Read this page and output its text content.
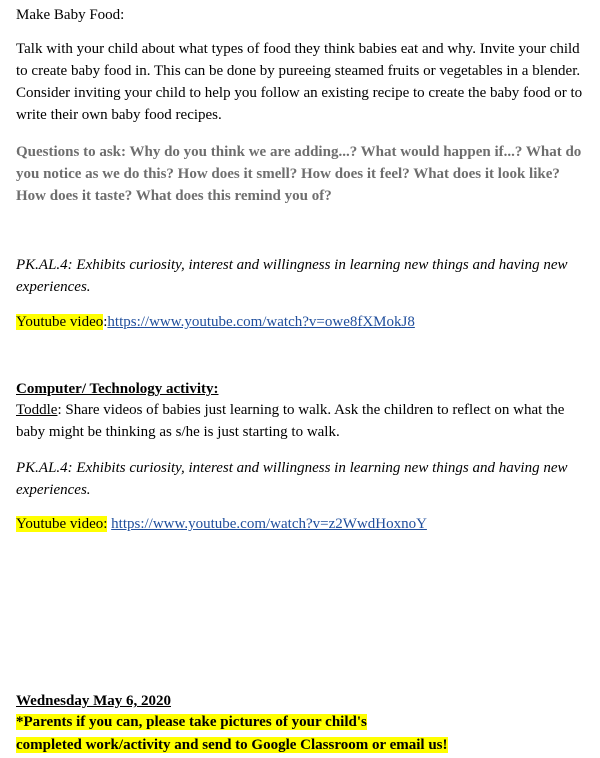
Make Baby Food:

Talk with your child about what types of food they think babies eat and why. Invite your child to create baby food in. This can be done by pureeing steamed fruits or vegetables in a blender. Consider inviting your child to help you follow an existing recipe to create the baby food or to write their own baby food recipes.

Questions to ask: Why do you think we are adding...? What would happen if...? What do you notice as we do this? How does it smell? How does it feel? What does it look like? How does it taste? What does this remind you of?

PK.AL.4: Exhibits curiosity, interest and willingness in learning new things and having new experiences.

Youtube video:https://www.youtube.com/watch?v=owe8fXMokJ8

Computer/ Technology activity:

Toddle: Share videos of babies just learning to walk. Ask the children to reflect on what the baby might be thinking as s/he is just starting to walk.

PK.AL.4: Exhibits curiosity, interest and willingness in learning new things and having new experiences.

Youtube video: https://www.youtube.com/watch?v=z2WwdHoxnoY

Wednesday May 6, 2020

*Parents if you can, please take pictures of your child's

completed work/activity and send to Google Classroom or email us!
